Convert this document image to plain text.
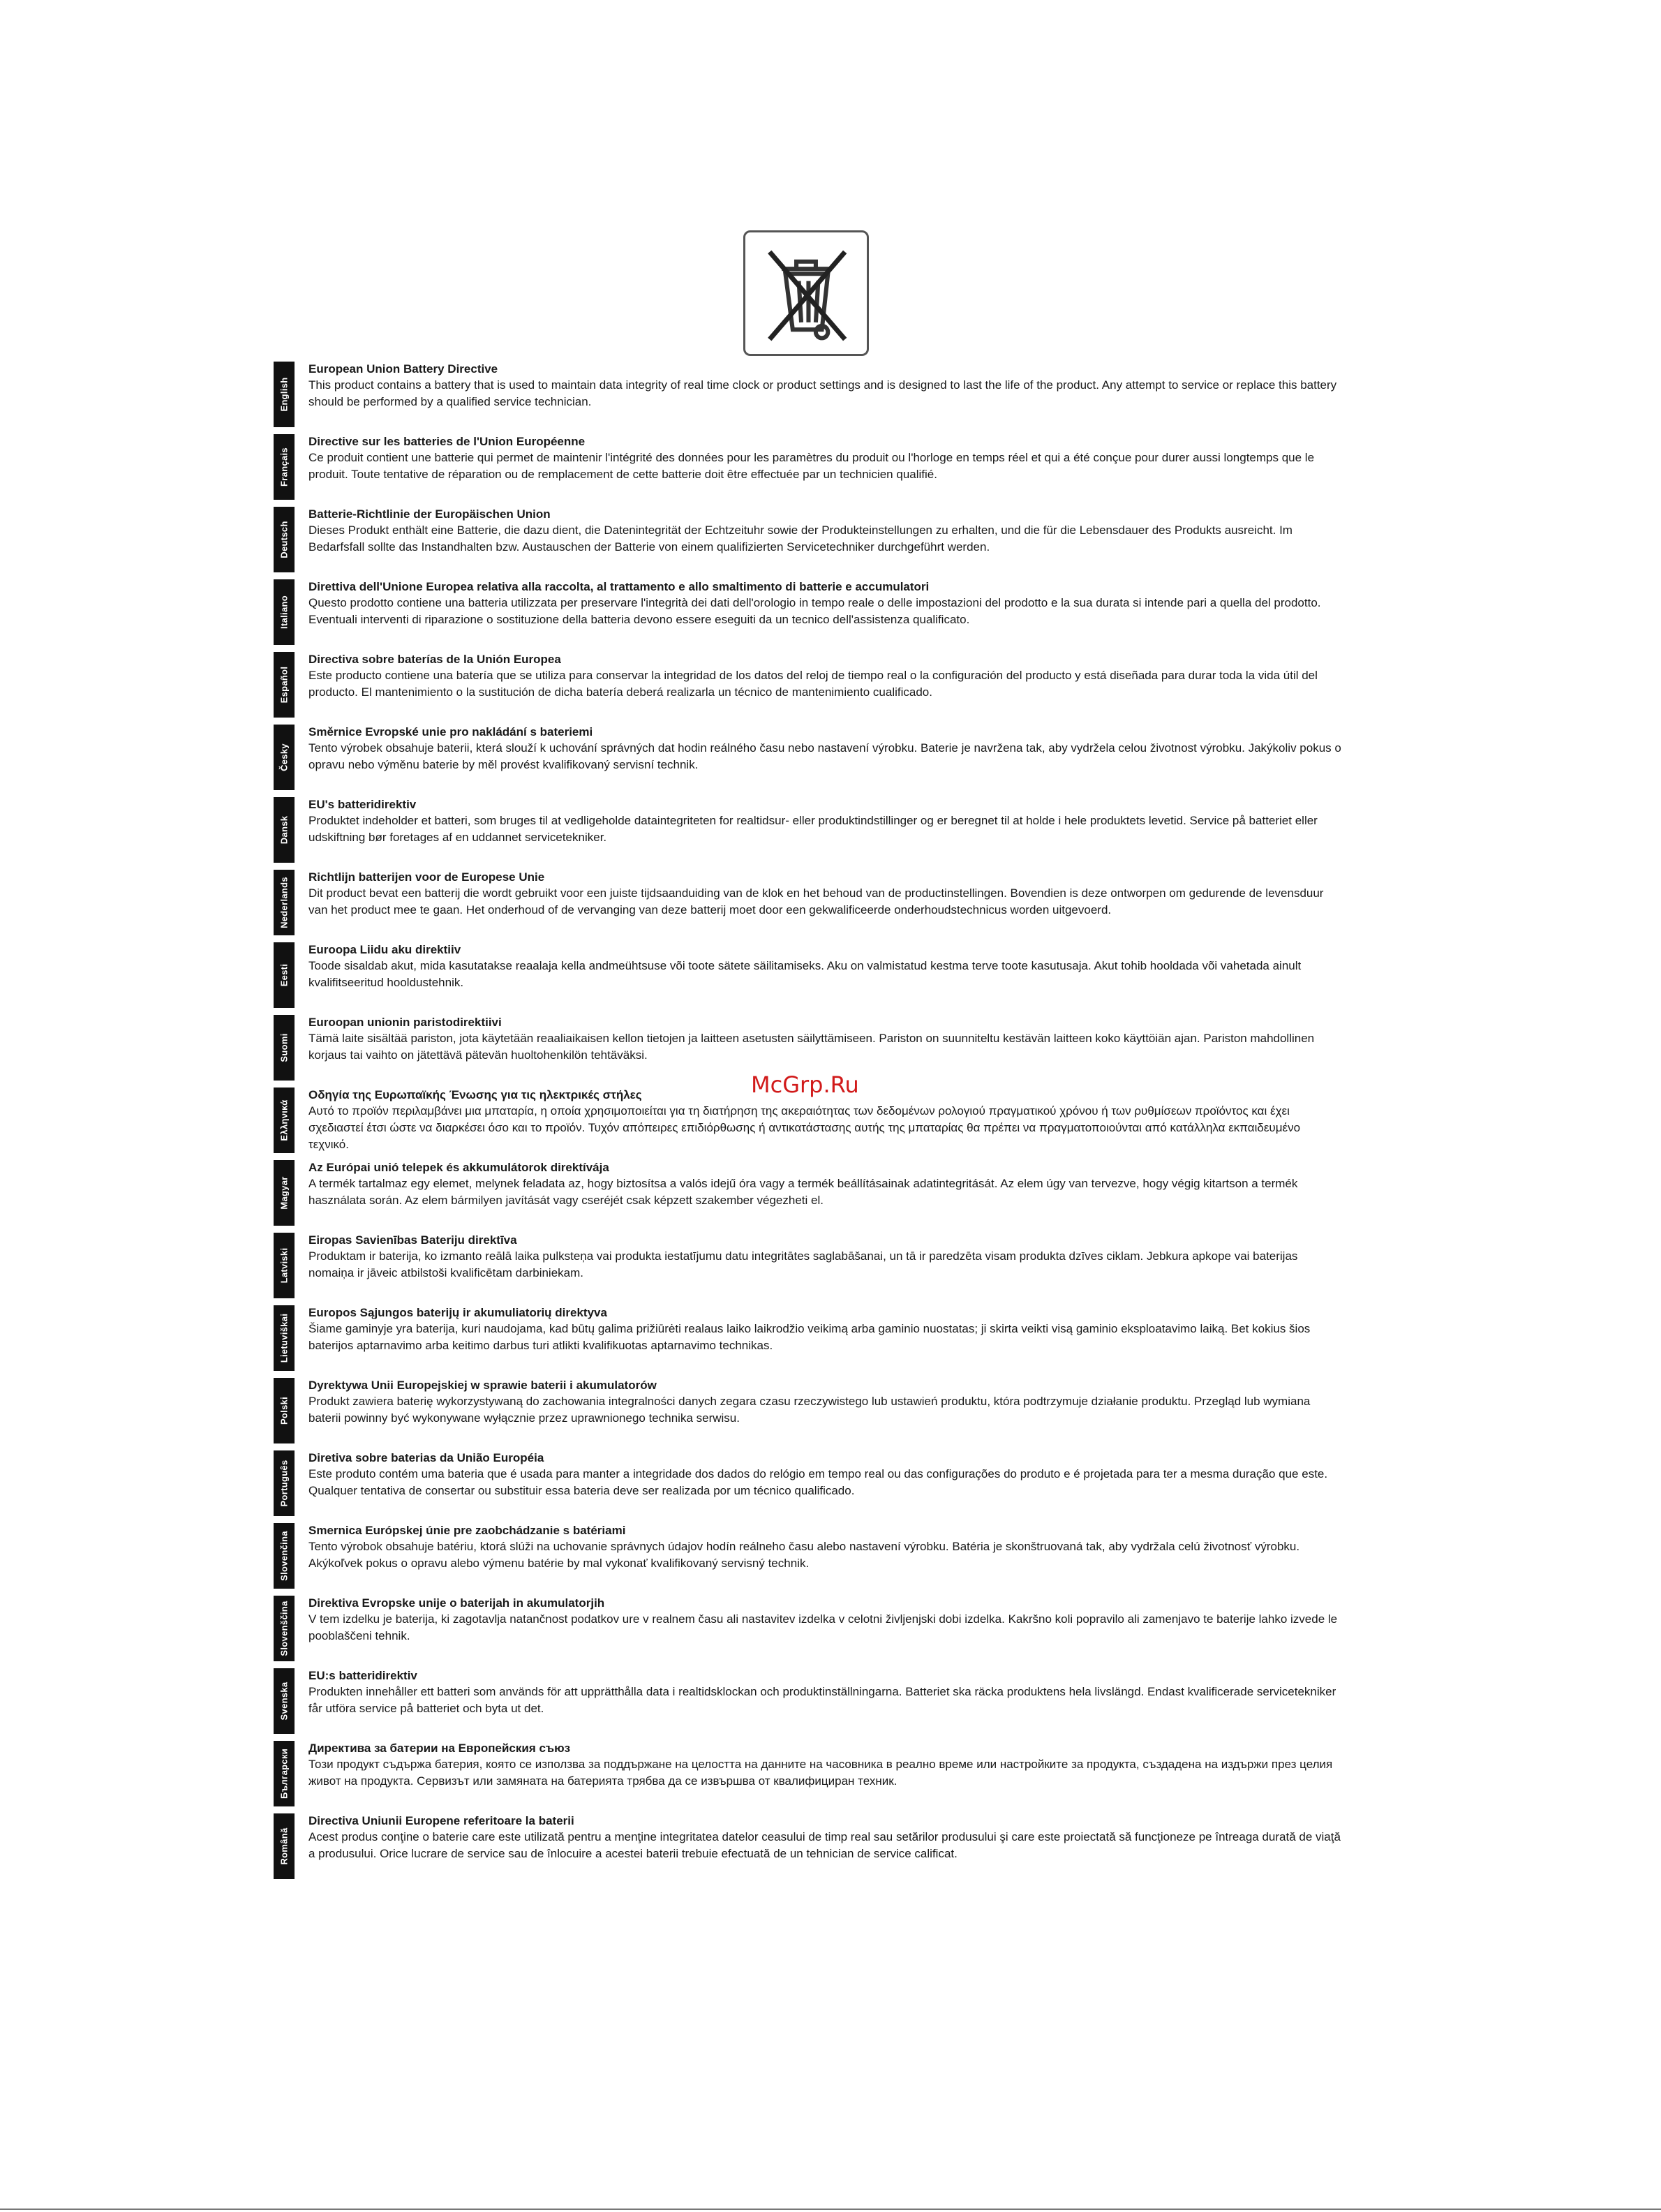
English
European Union Battery Directive

This product contains a battery that is used to maintain data integrity of real time clock or product settings and is designed to last the life of the product. Any attempt to service or replace this battery should be performed by a qualified service technician.

Français
Directive sur les batteries de l'Union Européenne

Ce produit contient une batterie qui permet de maintenir l'intégrité des données pour les paramètres du produit ou l'horloge en temps réel et qui a été conçue pour durer aussi longtemps que le produit. Toute tentative de réparation ou de remplacement de cette batterie doit être effectuée par un technicien qualifié.

Deutsch
Batterie-Richtlinie der Europäischen Union

Dieses Produkt enthält eine Batterie, die dazu dient, die Datenintegrität der Echtzeituhr sowie der Produkteinstellungen zu erhalten, und die für die Lebensdauer des Produkts ausreicht. Im Bedarfsfall sollte das Instandhalten bzw. Austauschen der Batterie von einem qualifizierten Servicetechniker durchgeführt werden.

Italiano
Direttiva dell'Unione Europea relativa alla raccolta, al trattamento e allo smaltimento di batterie e accumulatori

Questo prodotto contiene una batteria utilizzata per preservare l'integrità dei dati dell'orologio in tempo reale o delle impostazioni del prodotto e la sua durata si intende pari a quella del prodotto. Eventuali interventi di riparazione o sostituzione della batteria devono essere eseguiti da un tecnico dell'assistenza qualificato.

Español
Directiva sobre baterías de la Unión Europea

Este producto contiene una batería que se utiliza para conservar la integridad de los datos del reloj de tiempo real o la configuración del producto y está diseñada para durar toda la vida útil del producto. El mantenimiento o la sustitución de dicha batería deberá realizarla un técnico de mantenimiento cualificado.

Česky
Směrnice Evropské unie pro nakládání s bateriemi

Tento výrobek obsahuje baterii, která slouží k uchování správných dat hodin reálného času nebo nastavení výrobku. Baterie je navržena tak, aby vydržela celou životnost výrobku. Jakýkoliv pokus o opravu nebo výměnu baterie by měl provést kvalifikovaný servisní technik.

Dansk
EU's batteridirektiv

Produktet indeholder et batteri, som bruges til at vedligeholde dataintegriteten for realtidsur- eller produktindstillinger og er beregnet til at holde i hele produktets levetid. Service på batteriet eller udskiftning bør foretages af en uddannet servicetekniker.

Nederlands Richtlijn batterijen voor de Europese Unie

Dit product bevat een batterij die wordt gebruikt voor een juiste tijdsaanduiding van de klok en het behoud van de productinstellingen. Bovendien is deze ontworpen om gedurende de levensduur van het product mee te gaan. Het onderhoud of de vervanging van deze batterij moet door een gekwalificeerde onderhoudstechnicus worden uitgevoerd.

Eesti
Euroopa Liidu aku direktiiv

Toode sisaldab akut, mida kasutatakse reaalaja kella andmeühtsuse või toote sätete säilitamiseks. Aku on valmistatud kestma terve toote kasutusaja. Akut tohib hooldada või vahetada ainult kvalifitseeritud hooldustehnik.

Suomi
Euroopan unionin paristodirektiivi

Tämä laite sisältää pariston, jota käytetään reaaliaikaisen kellon tietojen ja laitteen asetusten säilyttämiseen. Pariston on suunniteltu kestävän laitteen koko käyttöiän ajan. Pariston mahdollinen korjaus tai vaihto on jätettävä pätevän huoltohenkilön tehtäväksi.

Ελληνικά
Οδηγία της Ευρωπαϊκής Ένωσης για τις ηλεκτρικές στήλες

Αυτό το προϊόν περιλαμβάνει μια μπαταρία, η οποία χρησιμοποιείται για τη διατήρηση της ακεραιότητας των δεδομένων ρολογιού πραγματικού χρόνου ή των ρυθμίσεων προϊόντος και έχει σχεδιαστεί έτσι ώστε να διαρκέσει όσο και το προϊόν. Τυχόν απόπειρες επιδιόρθωσης ή αντικατάστασης αυτής της μπαταρίας θα πρέπει να πραγματοποιούνται από κατάλληλα εκπαιδευμένο τεχνικό.

Magyar
Az Európai unió telepek és akkumulátorok direktívája

A termék tartalmaz egy elemet, melynek feladata az, hogy biztosítsa a valós idejű óra vagy a termék beállításainak adatintegritását. Az elem úgy van tervezve, hogy végig kitartson a termék használata során. Az elem bármilyen javítását vagy cseréjét csak képzett szakember végezheti el.

Latviski
Eiropas Savienības Bateriju direktīva

Produktam ir baterija, ko izmanto reālā laika pulksteņa vai produkta iestatījumu datu integritātes saglabāšanai, un tā ir paredzēta visam produkta dzīves ciklam. Jebkura apkope vai baterijas nomaiņa ir jāveic atbilstoši kvalificētam darbiniekam.

Lietuviškai
Europos Sąjungos baterijų ir akumuliatorių direktyva

Šiame gaminyje yra baterija, kuri naudojama, kad būtų galima prižiūrėti realaus laiko laikrodžio veikimą arba gaminio nuostatas; ji skirta veikti visą gaminio eksploatavimo laiką. Bet kokius šios baterijos aptarnavimo arba keitimo darbus turi atlikti kvalifikuotas aptarnavimo technikas.

Polski
Dyrektywa Unii Europejskiej w sprawie baterii i akumulatorów

Produkt zawiera baterię wykorzystywaną do zachowania integralności danych zegara czasu rzeczywistego lub ustawień produktu, która podtrzymuje działanie produktu. Przegląd lub wymiana baterii powinny być wykonywane wyłącznie przez uprawnionego technika serwisu.

Português
Diretiva sobre baterias da União Européia

Este produto contém uma bateria que é usada para manter a integridade dos dados do relógio em tempo real ou das configurações do produto e é projetada para ter a mesma duração que este. Qualquer tentativa de consertar ou substituir essa bateria deve ser realizada por um técnico qualificado.

Slovenčina
Smernica Európskej únie pre zaobchádzanie s batériami

Tento výrobok obsahuje batériu, ktorá slúži na uchovanie správnych údajov hodín reálneho času alebo nastavení výrobku. Batéria je skonštruovaná tak, aby vydržala celú životnosť výrobku. Akýkoľvek pokus o opravu alebo výmenu batérie by mal vykonať kvalifikovaný servisný technik.

Slovenščina Direktiva Evropske unije o baterijah in akumulatorjih

V tem izdelku je baterija, ki zagotavlja natančnost podatkov ure v realnem času ali nastavitev izdelka v celotni življenjski dobi izdelka. Kakršno koli popravilo ali zamenjavo te baterije lahko izvede le pooblaščeni tehnik.

Svenska
EU:s batteridirektiv

Produkten innehåller ett batteri som används för att upprätthålla data i realtidsklockan och produktinställningarna. Batteriet ska räcka produktens hela livslängd. Endast kvalificerade servicetekniker får utföra service på batteriet och byta ut det.

Български
Директива за батерии на Европейския съюз

Този продукт съдържа батерия, която се използва за поддържане на целостта на данните на часовника в реално време или настройките за продукта, създадена на издържи през целия живот на продукта. Сервизът или замяната на батерията трябва да се извършва от квалифициран техник.

Română
Directiva Uniunii Europene referitoare la baterii

Acest produs conţine o baterie care este utilizată pentru a menţine integritatea datelor ceasului de timp real sau setărilor produsului şi care este proiectată să funcţioneze pe întreaga durată de viaţă a produsului. Orice lucrare de service sau de înlocuire a acestei baterii trebuie efectuată de un tehnician de service calificat.

McGrp.Ru
